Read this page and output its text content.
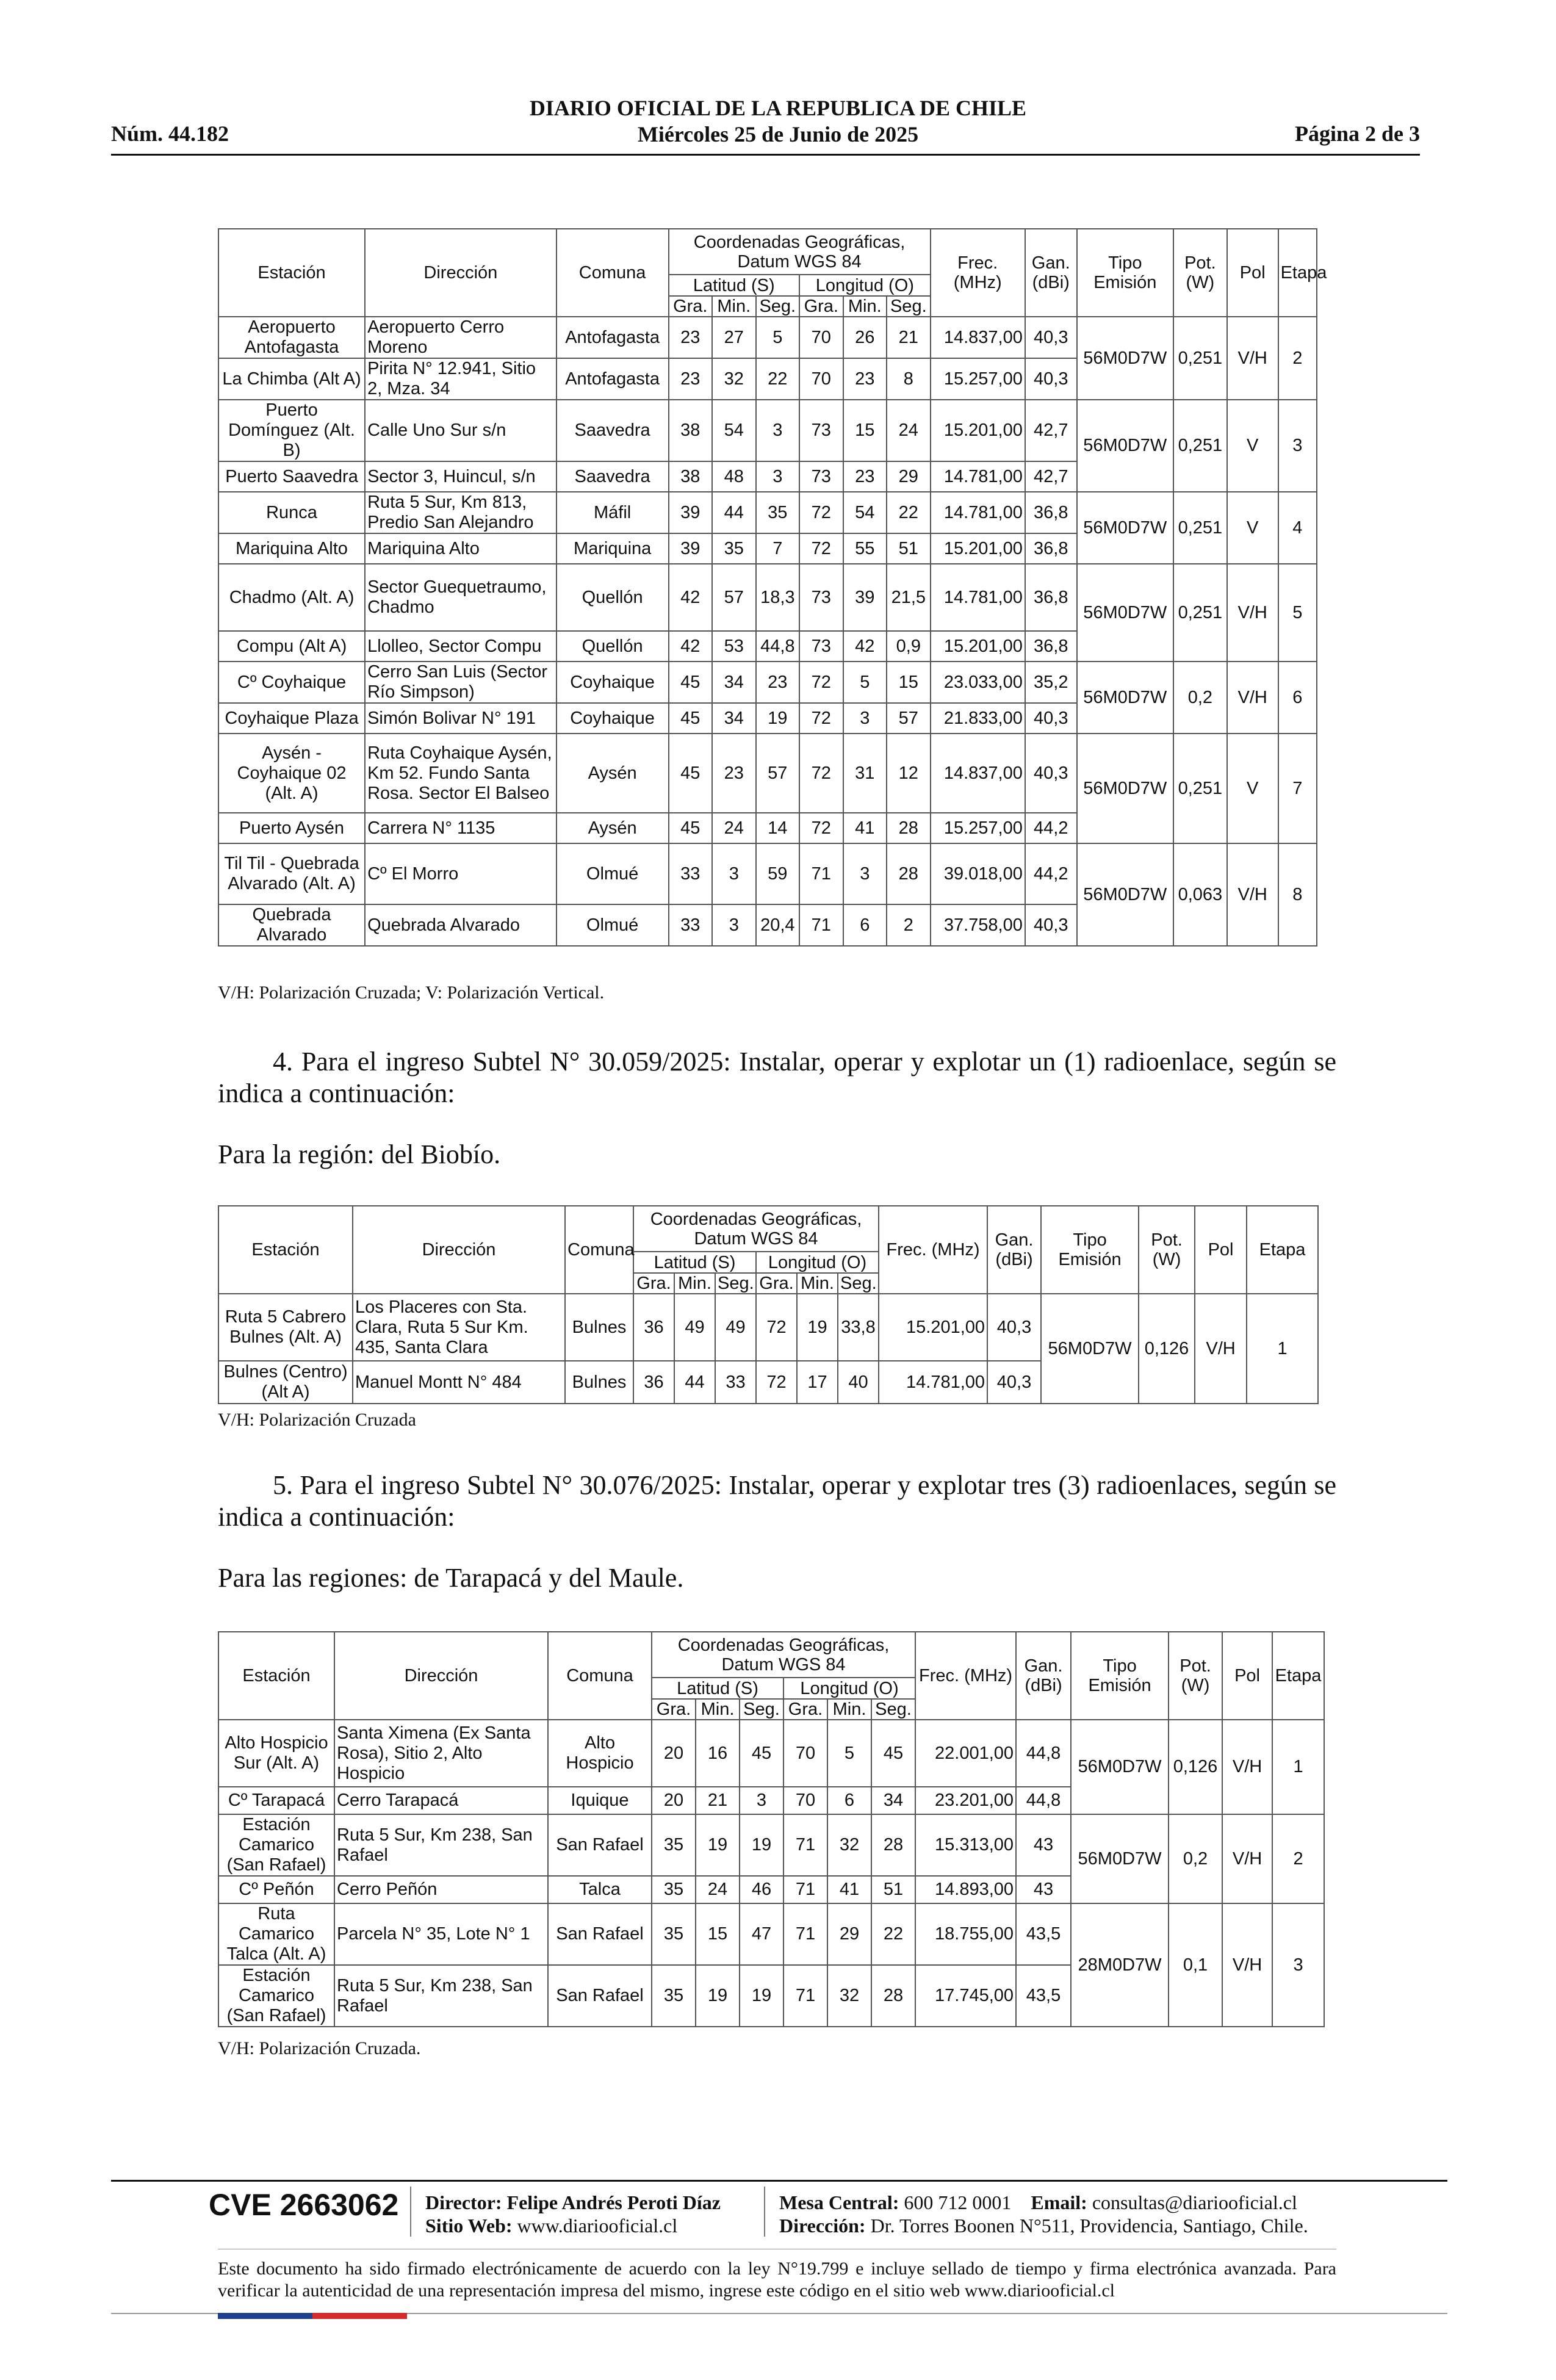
DIARIO OFICIAL DE LA REPUBLICA DE CHILE
Miércoles 25 de Junio de 2025
Núm. 44.182	Página 2 de 3
Estación	Dirección	Comuna	Coordenadas Geográficas, Datum WGS 84						Frec. (MHz)	Gan. (dBi)	Tipo Emisión	Pot. (W)	Pol	Etapa
			Latitud (S)			Longitud (O)								
			Gra.	Min.	Seg.	Gra.	Min.	Seg.						
Aeropuerto Antofagasta	Aeropuerto Cerro Moreno	Antofagasta	23	27	5	70	26	21	14.837,00	40,3	56M0D7W	0,251	V/H	2
La Chimba (Alt A)	Pirita N° 12.941, Sitio 2, Mza. 34	Antofagasta	23	32	22	70	23	8	15.257,00	40,3				
Puerto Domínguez (Alt. B)	Calle Uno Sur s/n	Saavedra	38	54	3	73	15	24	15.201,00	42,7	56M0D7W	0,251	V	3
Puerto Saavedra	Sector 3, Huincul, s/n	Saavedra	38	48	3	73	23	29	14.781,00	42,7				
Runca	Ruta 5 Sur, Km 813, Predio San Alejandro	Máfil	39	44	35	72	54	22	14.781,00	36,8	56M0D7W	0,251	V	4
Mariquina Alto	Mariquina Alto	Mariquina	39	35	7	72	55	51	15.201,00	36,8				
Chadmo (Alt. A)	Sector Guequetraumo, Chadmo	Quellón	42	57	18,3	73	39	21,5	14.781,00	36,8	56M0D7W	0,251	V/H	5
Compu (Alt A)	Llolleo, Sector Compu	Quellón	42	53	44,8	73	42	0,9	15.201,00	36,8				
Cº Coyhaique	Cerro San Luis (Sector Río Simpson)	Coyhaique	45	34	23	72	5	15	23.033,00	35,2	56M0D7W	0,2	V/H	6
Coyhaique Plaza	Simón Bolivar N° 191	Coyhaique	45	34	19	72	3	57	21.833,00	40,3				
Aysén - Coyhaique 02 (Alt. A)	Ruta Coyhaique Aysén, Km 52. Fundo Santa Rosa. Sector El Balseo	Aysén	45	23	57	72	31	12	14.837,00	40,3	56M0D7W	0,251	V	7
Puerto Aysén	Carrera N° 1135	Aysén	45	24	14	72	41	28	15.257,00	44,2				
Til Til - Quebrada Alvarado (Alt. A)	Cº El Morro	Olmué	33	3	59	71	3	28	39.018,00	44,2	56M0D7W	0,063	V/H	8
Quebrada Alvarado	Quebrada Alvarado	Olmué	33	3	20,4	71	6	2	37.758,00	40,3				
V/H: Polarización Cruzada; V: Polarización Vertical.
4. Para el ingreso Subtel N° 30.059/2025: Instalar, operar y explotar un (1) radioenlace, según se indica a continuación:
Para la región: del Biobío.
Estación	Dirección	Comuna	Coordenadas Geográficas, Datum WGS 84						Frec. (MHz)	Gan. (dBi)	Tipo Emisión	Pot. (W)	Pol	Etapa
			Latitud (S)			Longitud (O)								
			Gra.	Min.	Seg.	Gra.	Min.	Seg.						
Ruta 5 Cabrero Bulnes (Alt. A)	Los Placeres con Sta. Clara, Ruta 5 Sur Km. 435, Santa Clara	Bulnes	36	49	49	72	19	33,8	15.201,00	40,3	56M0D7W	0,126	V/H	1
Bulnes (Centro) (Alt A)	Manuel Montt N° 484	Bulnes	36	44	33	72	17	40	14.781,00	40,3				
V/H: Polarización Cruzada
5. Para el ingreso Subtel N° 30.076/2025: Instalar, operar y explotar tres (3) radioenlaces, según se indica a continuación:
Para las regiones: de Tarapacá y del Maule.
Estación	Dirección	Comuna	Coordenadas Geográficas, Datum WGS 84						Frec. (MHz)	Gan. (dBi)	Tipo Emisión	Pot. (W)	Pol	Etapa
			Latitud (S)			Longitud (O)								
			Gra.	Min.	Seg.	Gra.	Min.	Seg.						
Alto Hospicio Sur (Alt. A)	Santa Ximena (Ex Santa Rosa), Sitio 2, Alto Hospicio	Alto Hospicio	20	16	45	70	5	45	22.001,00	44,8	56M0D7W	0,126	V/H	1
Cº Tarapacá	Cerro Tarapacá	Iquique	20	21	3	70	6	34	23.201,00	44,8				
Estación Camarico (San Rafael)	Ruta 5 Sur, Km 238, San Rafael	San Rafael	35	19	19	71	32	28	15.313,00	43	56M0D7W	0,2	V/H	2
Cº Peñón	Cerro Peñón	Talca	35	24	46	71	41	51	14.893,00	43				
Ruta Camarico Talca (Alt. A)	Parcela N° 35, Lote N° 1	San Rafael	35	15	47	71	29	22	18.755,00	43,5	28M0D7W	0,1	V/H	3
Estación Camarico (San Rafael)	Ruta 5 Sur, Km 238, San Rafael	San Rafael	35	19	19	71	32	28	17.745,00	43,5				
V/H: Polarización Cruzada.
CVE 2663062 Director: Felipe Andrés Peroti Díaz
Sitio Web: www.diariooficial.cl
Mesa Central: 600 712 0001 Email: consultas@diariooficial.cl
Dirección: Dr. Torres Boonen N°511, Providencia, Santiago, Chile.
Este documento ha sido firmado electrónicamente de acuerdo con la ley N°19.799 e incluye sellado de tiempo y firma electrónica avanzada. Para verificar la autenticidad de una representación impresa del mismo, ingrese este código en el sitio web www.diariooficial.cl
